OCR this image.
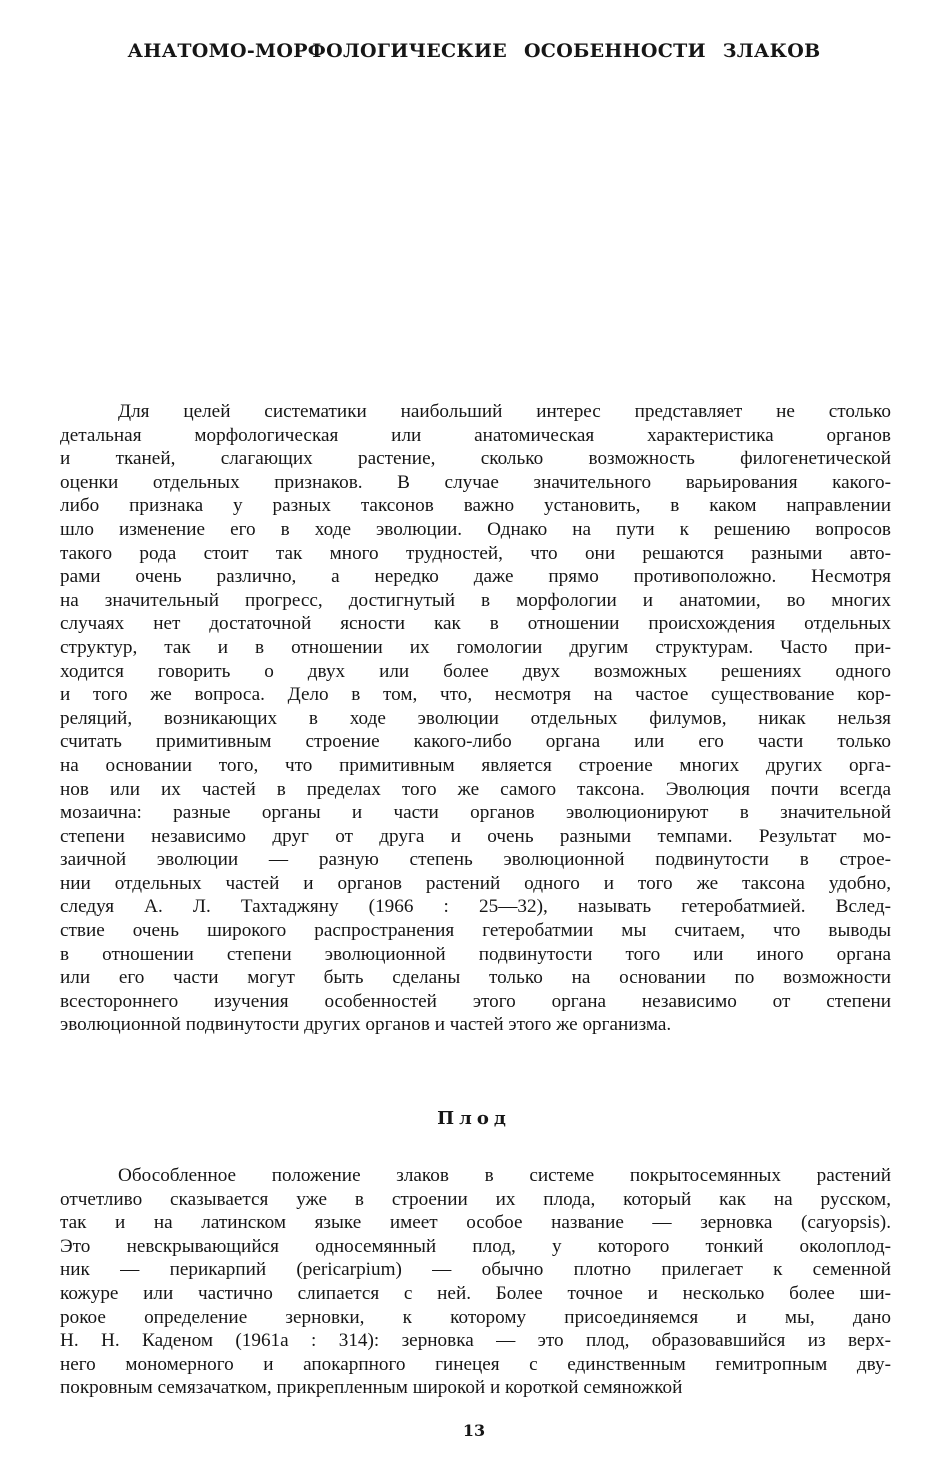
АНАТОМО-МОРФОЛОГИЧЕСКИЕ ОСОБЕННОСТИ ЗЛАКОВ
Для целей систематики наибольший интерес представляет не столько
детальная морфологическая или анатомическая характеристика органов
и тканей, слагающих растение, сколько возможность филогенетической
оценки отдельных признаков. В случае значительного варьирования какого-
либо признака у разных таксонов важно установить, в каком направлении
шло изменение его в ходе эволюции. Однако на пути к решению вопросов
такого рода стоит так много трудностей, что они решаются разными авто-
рами очень различно, а нередко даже прямо противоположно. Несмотря
на значительный прогресс, достигнутый в морфологии и анатомии, во многих
случаях нет достаточной ясности как в отношении происхождения отдельных
структур, так и в отношении их гомологии другим структурам. Часто при-
ходится говорить о двух или более двух возможных решениях одного
и того же вопроса. Дело в том, что, несмотря на частое существование кор-
реляций, возникающих в ходе эволюции отдельных филумов, никак нельзя
считать примитивным строение какого-либо органа или его части только
на основании того, что примитивным является строение многих других орга-
нов или их частей в пределах того же самого таксона. Эволюция почти всегда
мозаична: разные органы и части органов эволюционируют в значительной
степени независимо друг от друга и очень разными темпами. Результат мо-
заичной эволюции — разную степень эволюционной подвинутости в строе-
нии отдельных частей и органов растений одного и того же таксона удобно,
следуя А. Л. Тахтаджяну (1966 : 25—32), называть гетеробатмией. Вслед-
ствие очень широкого распространения гетеробатмии мы считаем, что выводы
в отношении степени эволюционной подвинутости того или иного органа
или его части могут быть сделаны только на основании по возможности
всестороннего изучения особенностей этого органа независимо от степени
эволюционной подвинутости других органов и частей этого же организма.
Плод
Обособленное положение злаков в системе покрытосемянных растений
отчетливо сказывается уже в строении их плода, который как на русском,
так и на латинском языке имеет особое название — зерновка (caryopsis).
Это невскрывающийся односемянный плод, у которого тонкий околоплод-
ник — перикарпий (pericarpium) — обычно плотно прилегает к семенной
кожуре или частично слипается с ней. Более точное и несколько более ши-
рокое определение зерновки, к которому присоединяемся и мы, дано
Н. Н. Каденом (1961а : 314): зерновка — это плод, образовавшийся из верх-
него мономерного и апокарпного гинецея с единственным гемитропным дву-
покровным семязачатком, прикрепленным широкой и короткой семяножкой
13
